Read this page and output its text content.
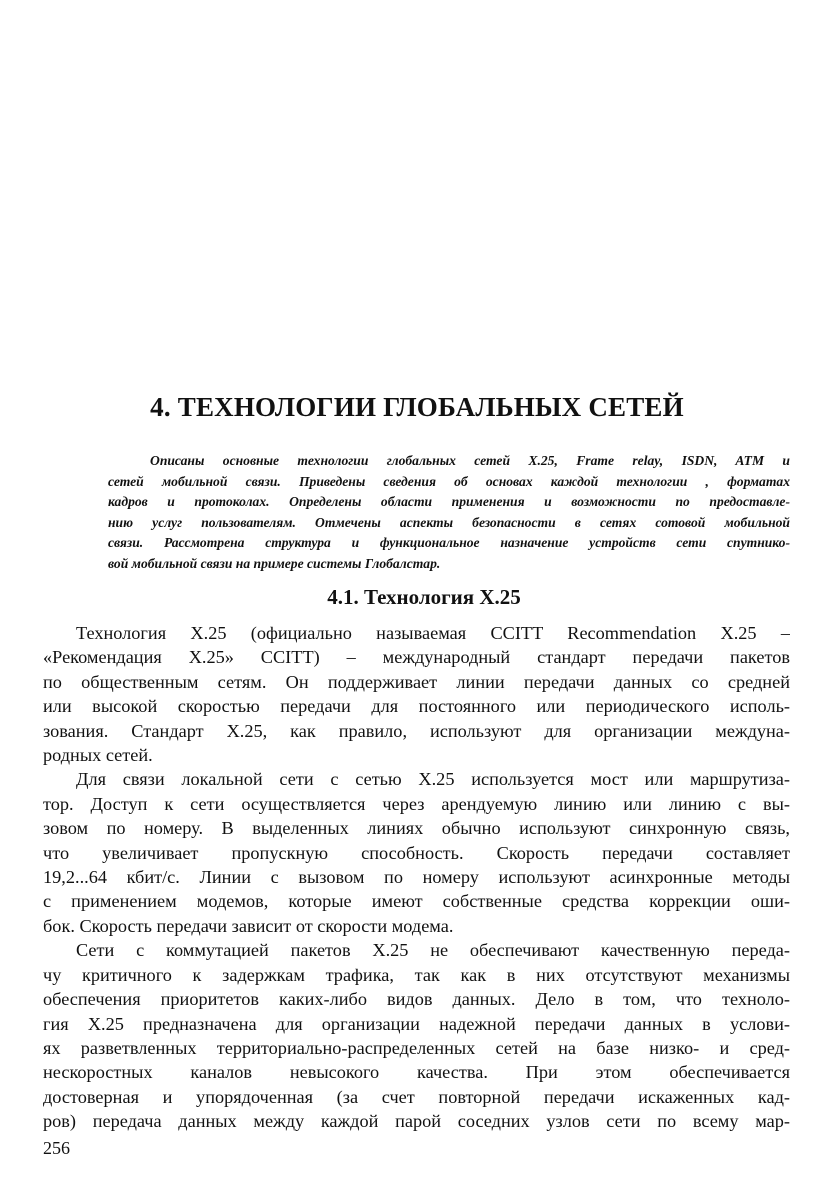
4. ТЕХНОЛОГИИ ГЛОБАЛЬНЫХ СЕТЕЙ
Описаны основные технологии глобальных сетей X.25, Frame relay, ISDN, ATM и
сетей мобильной связи. Приведены сведения об основах каждой технологии , форматах
кадров и протоколах. Определены области применения и возможности по предоставле-
нию услуг пользователям. Отмечены аспекты безопасности в сетях сотовой мобильной
связи. Рассмотрена структура и функциональное назначение устройств сети спутнико-
вой мобильной связи на примере системы Глобалстар.
4.1. Технология X.25
Технология X.25 (официально называемая CCITT Recommendation X.25 –
«Рекомендация X.25» CCITT) – международный стандарт передачи пакетов
по общественным сетям. Он поддерживает линии передачи данных со средней
или высокой скоростью передачи для постоянного или периодического исполь-
зования. Стандарт X.25, как правило, используют для организации междуна-
родных сетей.
Для связи локальной сети с сетью X.25 используется мост или маршрутиза-
тор. Доступ к сети осуществляется через арендуемую линию или линию с вы-
зовом по номеру. В выделенных линиях обычно используют синхронную связь,
что увеличивает пропускную способность. Скорость передачи составляет
19,2...64 кбит/с. Линии с вызовом по номеру используют асинхронные методы
с применением модемов, которые имеют собственные средства коррекции оши-
бок. Скорость передачи зависит от скорости модема.
Сети с коммутацией пакетов X.25 не обеспечивают качественную переда-
чу критичного к задержкам трафика, так как в них отсутствуют механизмы
обеспечения приоритетов каких-либо видов данных. Дело в том, что техноло-
гия X.25 предназначена для организации надежной передачи данных в услови-
ях разветвленных территориально-распределенных сетей на базе низко- и сред-
нескоростных каналов невысокого качества. При этом обеспечивается
достоверная и упорядоченная (за счет повторной передачи искаженных кад-
ров) передача данных между каждой парой соседних узлов сети по всему мар-
256
